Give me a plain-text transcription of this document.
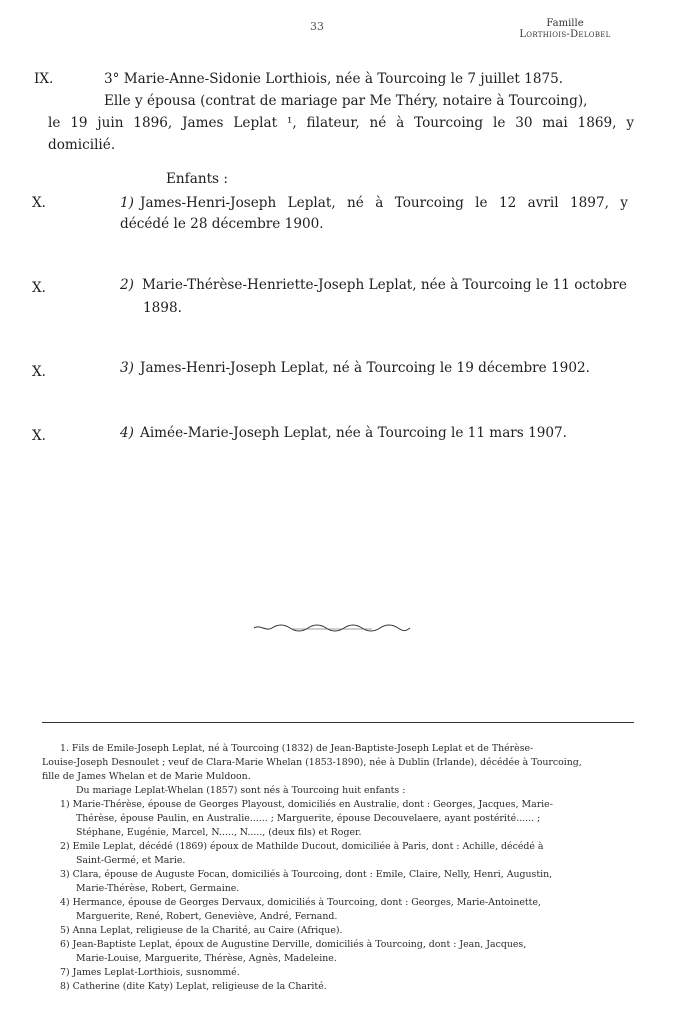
33	Famille
Lorthiois-Delobel
IX.	3° Marie-Anne-Sidonie Lorthiois, née à Tourcoing le 7 juillet 1875.
Elle y épousa (contrat de mariage par Me Théry, notaire à Tourcoing),
le 19 juin 1896, James Leplat ¹, filateur, né à Tourcoing le 30 mai 1869, y
domicilié.
Enfants :
X.	1) James-Henri-Joseph Leplat, né à Tourcoing le 12 avril 1897, y
décédé le 28 décembre 1900.
X.	2) Marie-Thérèse-Henriette-Joseph Leplat, née à Tourcoing le 11 octobre
1898.
X.	3) James-Henri-Joseph Leplat, né à Tourcoing le 19 décembre 1902.
X.	4) Aimée-Marie-Joseph Leplat, née à Tourcoing le 11 mars 1907.
1. Fils de Emile-Joseph Leplat, né à Tourcoing (1832) de Jean-Baptiste-Joseph Leplat et de Thérèse-
Louise-Joseph Desnoulet ; veuf de Clara-Marie Whelan (1853-1890), née à Dublin (Irlande), décédée à Tourcoing,
fille de James Whelan et de Marie Muldoon.
Du mariage Leplat-Whelan (1857) sont nés à Tourcoing huit enfants :
1) Marie-Thérèse, épouse de Georges Playoust, domiciliés en Australie, dont : Georges, Jacques, Marie-
Thérèse, épouse Paulin, en Australie...... ; Marguerite, épouse Decouvelaere, ayant postérité...... ;
Stéphane, Eugénie, Marcel, N....., N....., (deux fils) et Roger.
2) Emile Leplat, décédé (1869) époux de Mathilde Ducout, domiciliée à Paris, dont : Achille, décédé à
Saint-Germé, et Marie.
3) Clara, épouse de Auguste Focan, domiciliés à Tourcoing, dont : Emile, Claire, Nelly, Henri, Augustin,
Marie-Thérèse, Robert, Germaine.
4) Hermance, épouse de Georges Dervaux, domiciliés à Tourcoing, dont : Georges, Marie-Antoinette,
Marguerite, René, Robert, Geneviève, André, Fernand.
5) Anna Leplat, religieuse de la Charité, au Caire (Afrique).
6) Jean-Baptiste Leplat, époux de Augustine Derville, domiciliés à Tourcoing, dont : Jean, Jacques,
Marie-Louise, Marguerite, Thérèse, Agnès, Madeleine.
7) James Leplat-Lorthiois, susnommé.
8) Catherine (dite Katy) Leplat, religieuse de la Charité.
